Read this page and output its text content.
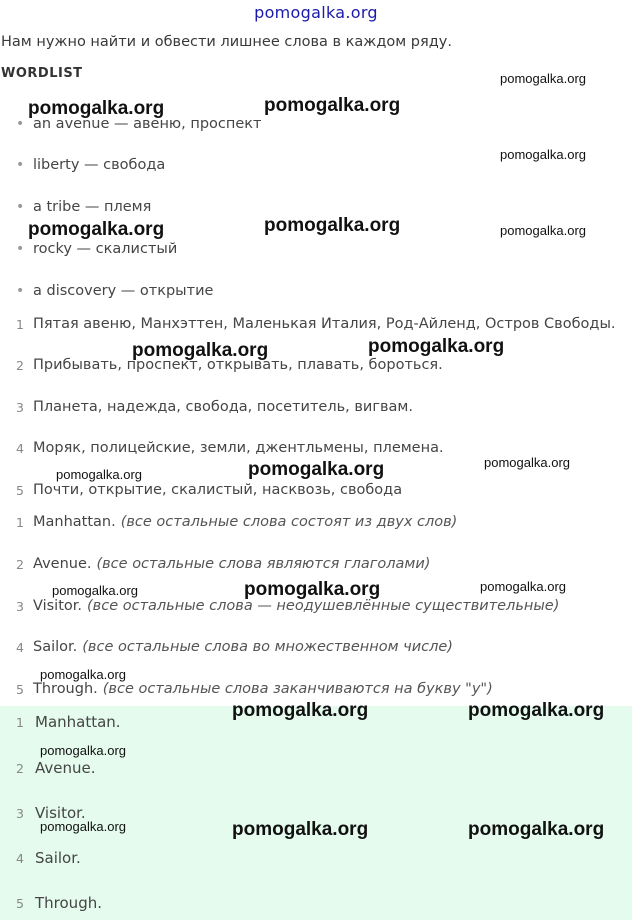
pomogalka.org
Нам нужно найти и обвести лишнее слова в каждом ряду.
WORDLIST
• an avenue — авеню, проспект
• liberty — свобода
• a tribe — племя
• rocky — скалистый
• a discovery — открытие
1 Пятая авеню, Манхэттен, Маленькая Италия, Род-Айленд, Остров Свободы.
2 Прибывать, проспект, открывать, плавать, бороться.
3 Планета, надежда, свобода, посетитель, вигвам.
4 Моряк, полицейские, земли, джентльмены, племена.
5 Почти, открытие, скалистый, насквозь, свобода
1 Manhattan. (все остальные слова состоят из двух слов)
2 Avenue. (все остальные слова являются глаголами)
3 Visitor. (все остальные слова — неодушевлённые существительные)
4 Sailor. (все остальные слова во множественном числе)
5 Through. (все остальные слова заканчиваются на букву "у")
1 Manhattan.
2 Avenue.
3 Visitor.
4 Sailor.
5 Through.
pomogalka.org
pomogalka.org	pomogalka.org
pomogalka.org
pomogalka.org	pomogalka.org	pomogalka.org
pomogalka.org	pomogalka.org
pomogalka.org	pomogalka.org	pomogalka.org
pomogalka.org	pomogalka.org	pomogalka.org
pomogalka.org
pomogalka.org	pomogalka.org
pomogalka.org
pomogalka.org	pomogalka.org	pomogalka.org
